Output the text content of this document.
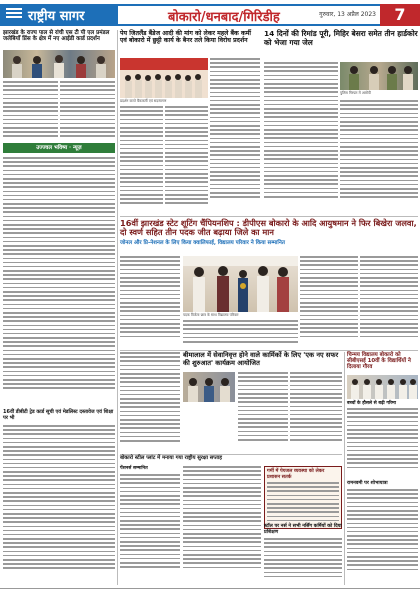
राष्ट्रीय सागर	बोकारो/धनबाद/गिरिडीह	गुरुवार, 13 अप्रैल 2023	7
झारखंड के राज्य पाल से रांची एस टी पी एल प्रमंडल जलेबियाँ प्रिंस के क्षेत्र में नए आईडी कार्ड प्रदर्शन
उज्ज्वल भविष्य · न्यूज़
16वीं डीबीटी ट्रेड कार्ड सूची एवं मेडलिस्ट दस्तावेज एवं शिक्षा पर भी
पेय जितलैंड बैंडेज आदी की मांग को लेकर महले बैंक कर्मी एवं बोकारो में छुट्टी कार्य के बैनर तले किया विरोध प्रदर्शन
प्रदर्शन करते बैंककर्मी एवं सदस्यगण
14 दिनों की रिमांड पूरी, मिहिर बेसरा समेत तीन हार्डकोर को भेजा गया जेल
पुलिस गिरफ्त में आरोपी
16वीं झारखंड स्टेट शूटिंग चैंपियनशिप : डीपीएस बोकारो के आदि आयुषमान ने फिर बिखेरा जलवा, दो स्वर्ण सहित तीन पदक जीत बढ़ाया जिले का मान
जोनल और प्रि-नेशनल के लिए किया क्वालिफाई, विद्यालय परिवार ने किया सम्मानित
पदक विजेता छात्र के साथ विद्यालय परिवार
बीमालाल में सेवानिवृत्त होने वाले कार्मिकों के लिए 'एक नए सफर की शुरुआत' कार्यक्रम आयोजित
चिन्मय विद्यालय बोकारो को सीबीएसई 10वीं के विद्यार्थियों ने दिलाया गौरव
बच्चों के हौसले से बढ़ी गरिमा
रामनवमी पर शोभायात्रा
बोकारो स्टील प्लांट में मनाया गया राष्ट्रीय सुरक्षा सप्ताह
पेंशनर्स सम्मानित
गर्मी में पेयजल व्यवस्था को लेकर प्रशासन सतर्क
स्टॉल पर नर्स ने सभी नर्सिंग कर्मियों को दिया प्रशिक्षण
